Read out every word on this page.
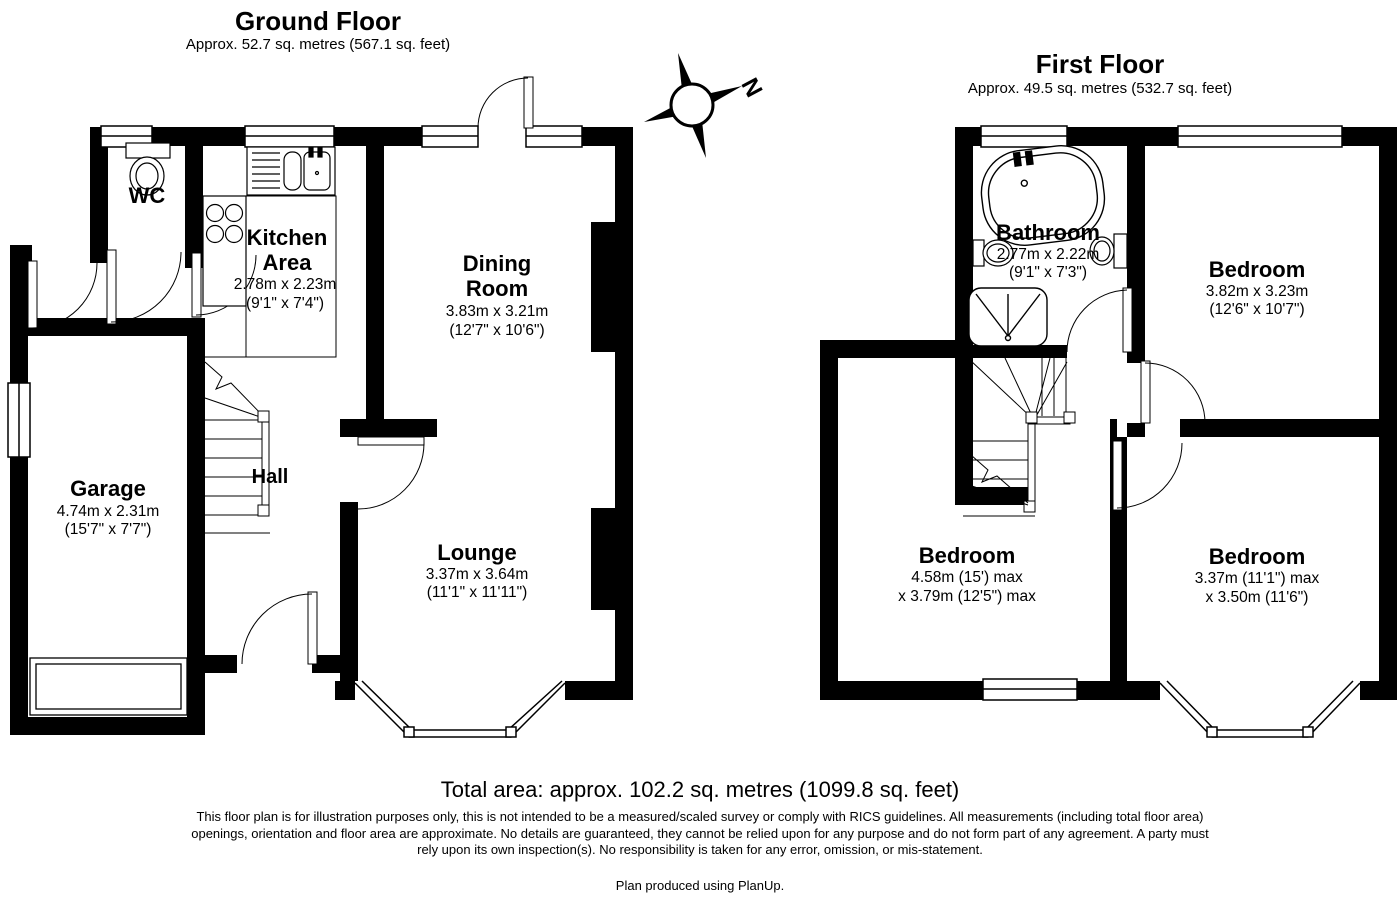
N
Ground Floor
Approx. 52.7 sq. metres (567.1 sq. feet)
First Floor
Approx. 49.5 sq. metres (532.7 sq. feet)
WC
Kitchen Area
2.78m x 2.23m
(9'1" x 7'4")
Dining Room
3.83m x 3.21m
(12'7" x 10'6")
Garage
4.74m x 2.31m
(15'7" x 7'7")
Hall
Lounge
3.37m x 3.64m
(11'1" x 11'11")
Bathroom
2.77m x 2.22m
(9'1" x 7'3")	Bedroom
3.82m x 3.23m
(12'6" x 10'7")
Bedroom
4.58m (15') max
x 3.79m (12'5") max
Bedroom
3.37m (11'1") max
x 3.50m (11'6")
Total area: approx. 102.2 sq. metres (1099.8 sq. feet)
This floor plan is for illustration purposes only, this is not intended to be a measured/scaled survey or comply with RICS guidelines. All measurements (including total floor area) openings, orientation and floor area are approximate. No details are guaranteed, they cannot be relied upon for any purpose and do not form part of any agreement. A party must rely upon its own inspection(s). No responsibility is taken for any error, omission, or mis-statement.
Plan produced using PlanUp.
